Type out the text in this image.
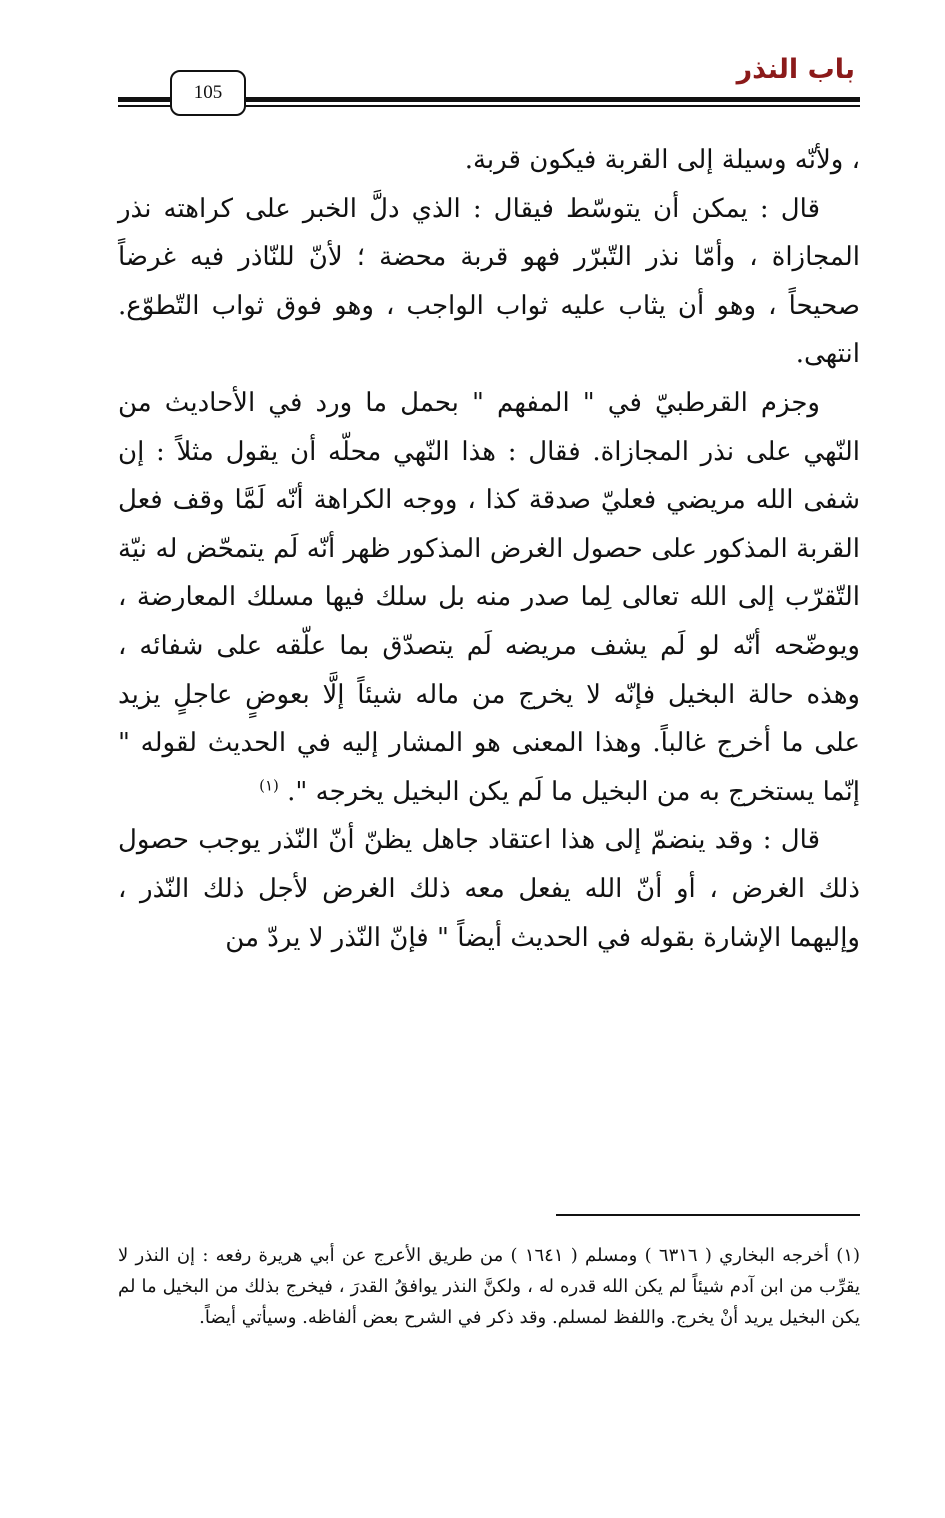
باب النذر
105

، ولأنّه وسيلة إلى القربة فيكون قربة.

قال : يمكن أن يتوسّط فيقال : الذي دلَّ الخبر على كراهته نذر المجازاة ، وأمّا نذر التّبرّر فهو قربة محضة ؛ لأنّ للنّاذر فيه غرضاً صحيحاً ، وهو أن يثاب عليه ثواب الواجب ، وهو فوق ثواب التّطوّع. انتهى.

وجزم القرطبيّ في " المفهم " بحمل ما ورد في الأحاديث من النّهي على نذر المجازاة. فقال : هذا النّهي محلّه أن يقول مثلاً : إن شفى الله مريضي فعليّ صدقة كذا ، ووجه الكراهة أنّه لَمَّا وقف فعل القربة المذكور على حصول الغرض المذكور ظهر أنّه لَم يتمحّض له نيّة التّقرّب إلى الله تعالى لِما صدر منه بل سلك فيها مسلك المعارضة ، ويوضّحه أنّه لو لَم يشف مريضه لَم يتصدّق بما علّقه على شفائه ، وهذه حالة البخيل فإنّه لا يخرج من ماله شيئاً إلَّا بعوضٍ عاجلٍ يزيد على ما أخرج غالباً. وهذا المعنى هو المشار إليه في الحديث لقوله " إنّما يستخرج به من البخيل ما لَم يكن البخيل يخرجه ". $^{(١)}$

قال : وقد ينضمّ إلى هذا اعتقاد جاهل يظنّ أنّ النّذر يوجب حصول ذلك الغرض ، أو أنّ الله يفعل معه ذلك الغرض لأجل ذلك النّذر ، وإليهما الإشارة بقوله في الحديث أيضاً " فإنّ النّذر لا يردّ من

(١) أخرجه البخاري ( ٦٣١٦ ) ومسلم ( ١٦٤١ ) من طريق الأعرج عن أبي هريرة رفعه : إن النذر لا يقرِّب من ابن آدم شيئاً لم يكن الله قدره له ، ولكنَّ النذر يوافقُ القدرَ ، فيخرج بذلك من البخيل ما لم يكن البخيل يريد أنْ يخرج. واللفظ لمسلم. وقد ذكر في الشرح بعض ألفاظه. وسيأتي أيضاً.
